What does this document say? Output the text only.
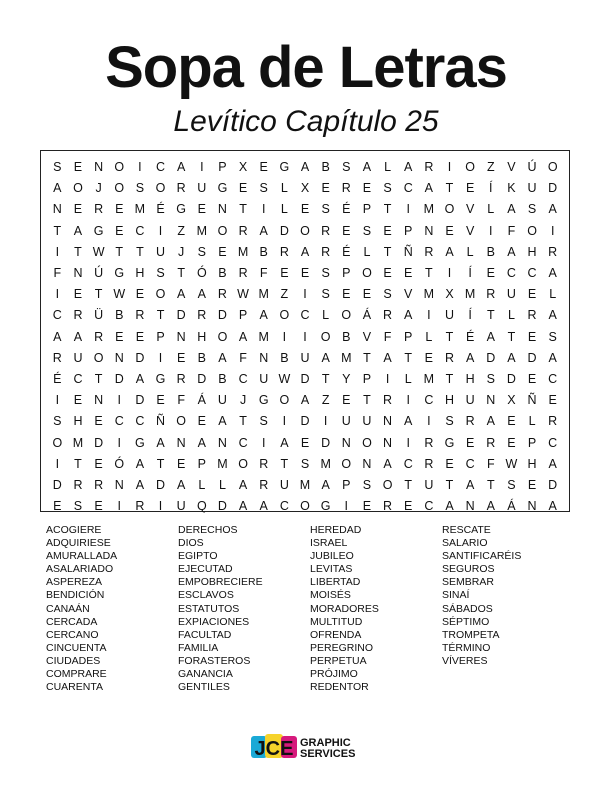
Sopa de Letras
Levítico Capítulo 25
S E N O	I	C A	I	P X E G A B S A	L	A R	I	O Z	V Ú O
A O	J	O S O R U G E S	L	X E R E S C A	T	E	Í	K U D
N E R E M É G E N T	I	L	E S É P	T	I	M O V	L	A S A
T	A G E C	I	Z M O R A D O R E S E P N E V	I	F O	I
I	T W T	T U	J	S E M B R A R É	L	T Ñ R A	L	B A H R
F N Ú G H S	T Ó B R F	E E S P O E E	T	I	Í	E C C A
I	E	T W E O A A R W M Z	I	S E E S V M X M R U E	L
C R Ü B R T D R D P A O C	L O Á R A	I	U	Í	T	L	R A
A A R E E P N H O A M	I	I	O B V	F	P	L	T	É A	T	E S
R U O N D	I	E B A	F N B U A M T	A	T	E R A D A D A
É C T D A G R D B C U W D T	Y P	I	L M T H S D E C
I	E N	I	D E	F	Á U	J	G O A	Z	E	T R	I	C H U N X Ñ E
S H E C C Ñ O E A	T	S	I	D	I	U U N A	I	S R A E	L	R
O M D	I	G A N A N C	I	A E D N O N	I	R G E R E P C
I	T	E Ó A	T	E P M O R T	S M O N A C R E C F W H A
D R R N A D A	L	L	A R U M A P S O T U T	A	T	S E D
E S E	I	R	I	U Q D A A C O G	I	E R E C A N A Á N A
ACOGIERE
ADQUIRIESE
AMURALLADA
ASALARIADO
ASPEREZA
BENDICIÓN
CANAÁN
CERCADA
CERCANO
CINCUENTA
CIUDADES
COMPRARE
CUARENTA
DERECHOS
DIOS
EGIPTO
EJECUTAD
EMPOBRECIERE
ESCLAVOS
ESTATUTOS
EXPIACIONES
FACULTAD
FAMILIA
FORASTEROS
GANANCIA
GENTILES
HEREDAD
ISRAEL
JUBILEO
LEVITAS
LIBERTAD
MOISÉS
MORADORES
MULTITUD
OFRENDA
PEREGRINO
PERPETUA
PRÓJIMO
REDENTOR
RESCATE
SALARIO
SANTIFICARÉIS
SEGUROS
SEMBRAR
SINAÍ
SÁBADOS
SÉPTIMO
TROMPETA
TÉRMINO
VÍVERES
JCE GRAPHIC
SERVICES
